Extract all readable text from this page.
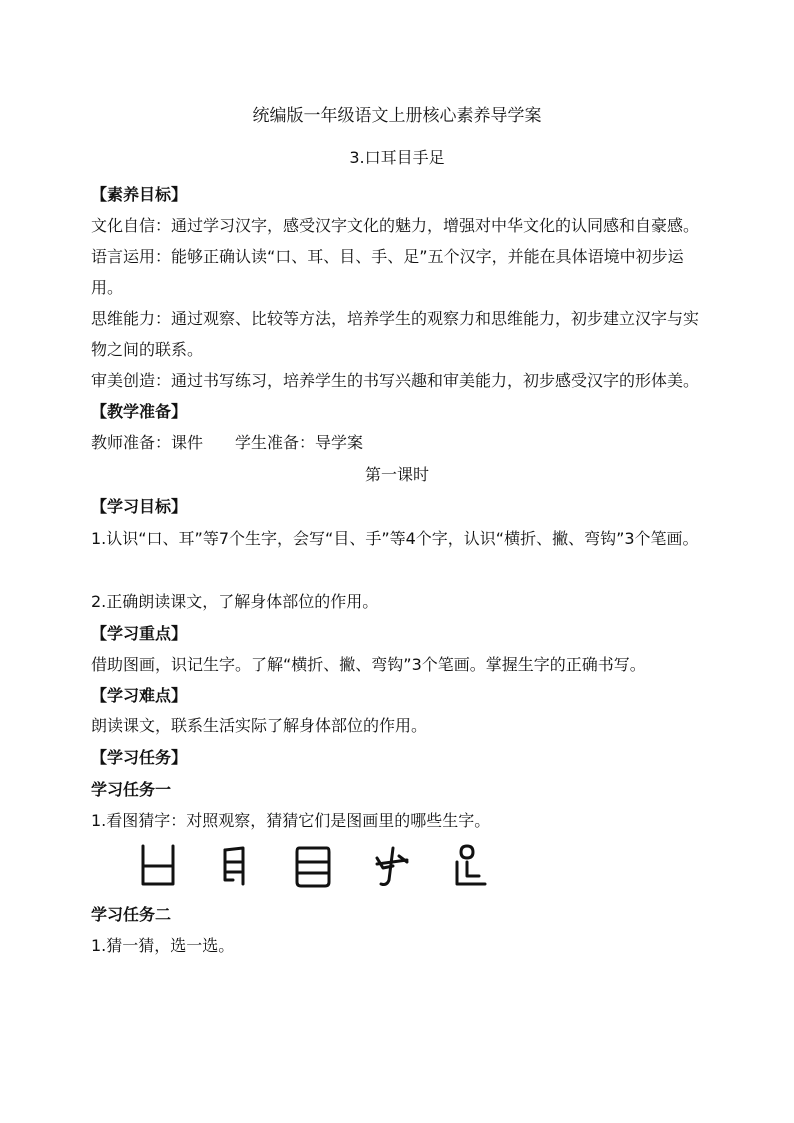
统编版一年级语文上册核心素养导学案
3.口耳目手足
【素养目标】
文化自信：通过学习汉字，感受汉字文化的魅力，增强对中华文化的认同感和自豪感。
语言运用：能够正确认读“口、耳、目、手、足”五个汉字，并能在具体语境中初步运用。
思维能力：通过观察、比较等方法，培养学生的观察力和思维能力，初步建立汉字与实物之间的联系。
审美创造：通过书写练习，培养学生的书写兴趣和审美能力，初步感受汉字的形体美。
【教学准备】
教师准备：课件 学生准备：导学案
第一课时
【学习目标】
1.认识“口、耳”等7个生字，会写“目、手”等4个字，认识“横折、撇、弯钩”3个笔画。
2.正确朗读课文，了解身体部位的作用。
【学习重点】
借助图画，识记生字。了解“横折、撇、弯钩”3个笔画。掌握生字的正确书写。
【学习难点】
朗读课文，联系生活实际了解身体部位的作用。
【学习任务】
学习任务一
1.看图猜字：对照观察，猜猜它们是图画里的哪些生字。
学习任务二
1.猜一猜，选一选。
